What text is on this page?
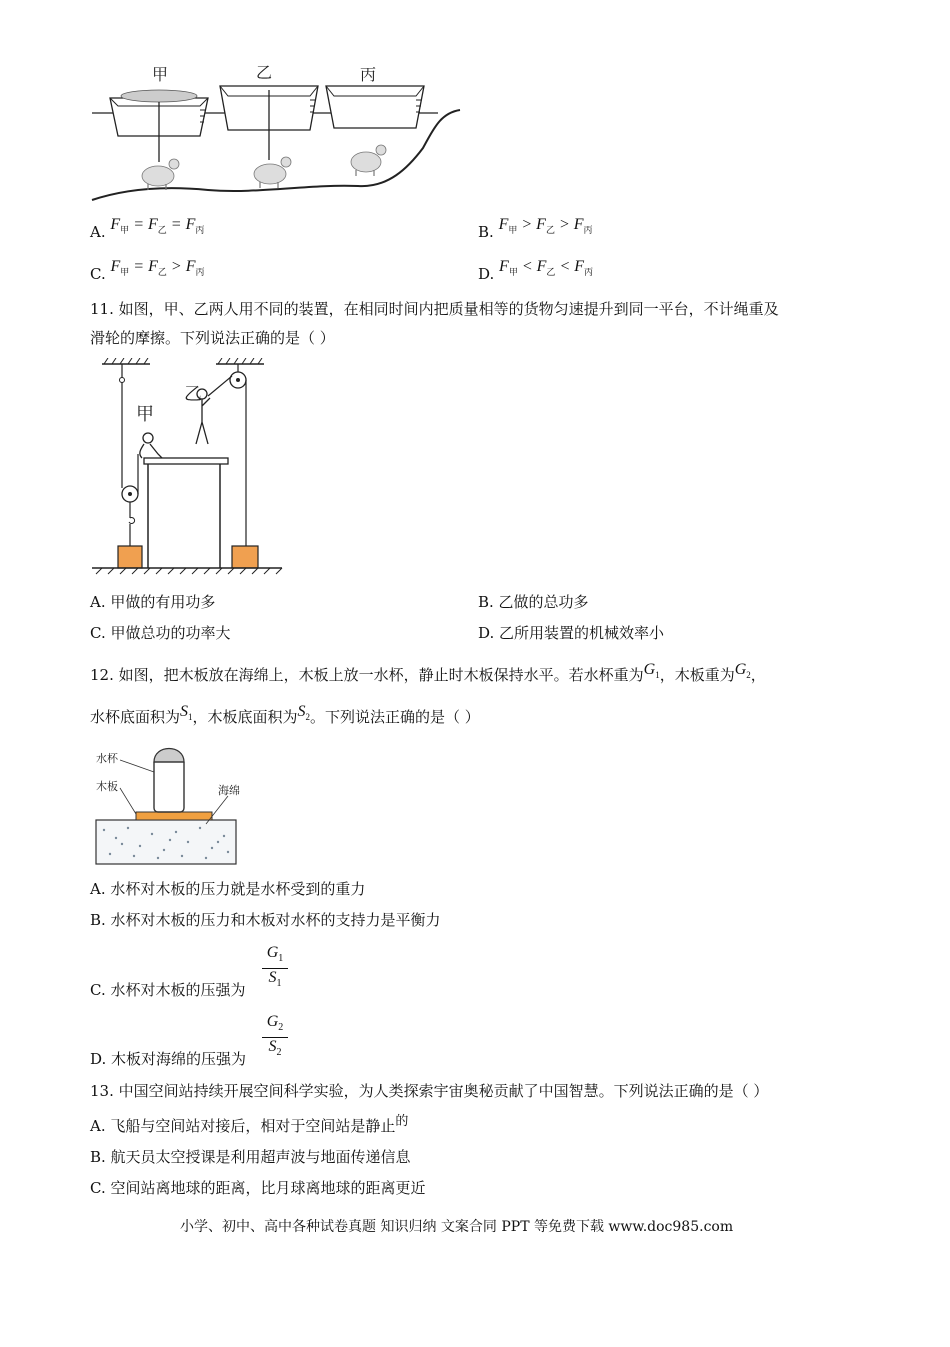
甲	乙	丙
A. $F_甲 = F_乙 = F_丙$	B. $F_甲 > F_乙 > F_丙$
C. $F_甲 = F_乙 > F_丙$	D. $F_甲 < F_乙 < F_丙$
11. 如图，甲、乙两人用不同的装置，在相同时间内把质量相等的货物匀速提升到同一平台，不计绳重及
滑轮的摩擦。下列说法正确的是（ ）
甲
乙
A. 甲做的有用功多	B. 乙做的总功多
C. 甲做总功的功率大	D. 乙所用装置的机械效率小
12. 如图，把木板放在海绵上，木板上放一水杯，静止时木板保持水平。若水杯重为$G_1$，木板重为$G_2$，
水杯底面积为$S_1$，木板底面积为$S_2$。下列说法正确的是（ ）
水杯
木板	海绵
A. 水杯对木板的压力就是水杯受到的重力
B. 水杯对木板的压力和木板对水杯的支持力是平衡力
C. 水杯对木板的压强为
$G_1$
$S_1$
D. 木板对海绵的压强为
$G_2$
$S_2$
13. 中国空间站持续开展空间科学实验，为人类探索宇宙奥秘贡献了中国智慧。下列说法正确的是（ ）
A. 飞船与空间站对接后，相对于空间站是静止的
B. 航天员太空授课是利用超声波与地面传递信息
C. 空间站离地球的距离，比月球离地球的距离更近
小学、初中、高中各种试卷真题 知识归纳 文案合同 PPT 等免费下载 www.doc985.com
